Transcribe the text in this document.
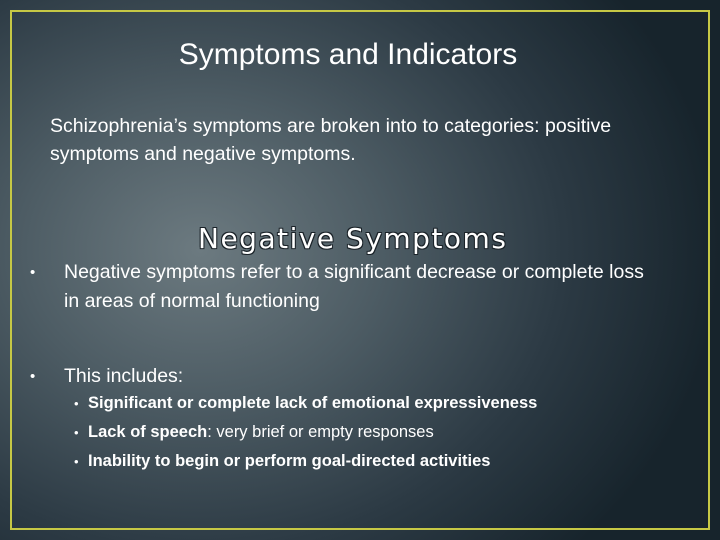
Symptoms and Indicators
Schizophrenia’s symptoms are broken into to categories: positive symptoms and negative symptoms.
Negative Symptoms
•	Negative symptoms refer to a significant decrease or complete loss in areas of normal functioning
•	This includes:
• Significant or complete lack of emotional expressiveness
• Lack of speech: very brief or empty responses
• Inability to begin or perform goal-directed activities
